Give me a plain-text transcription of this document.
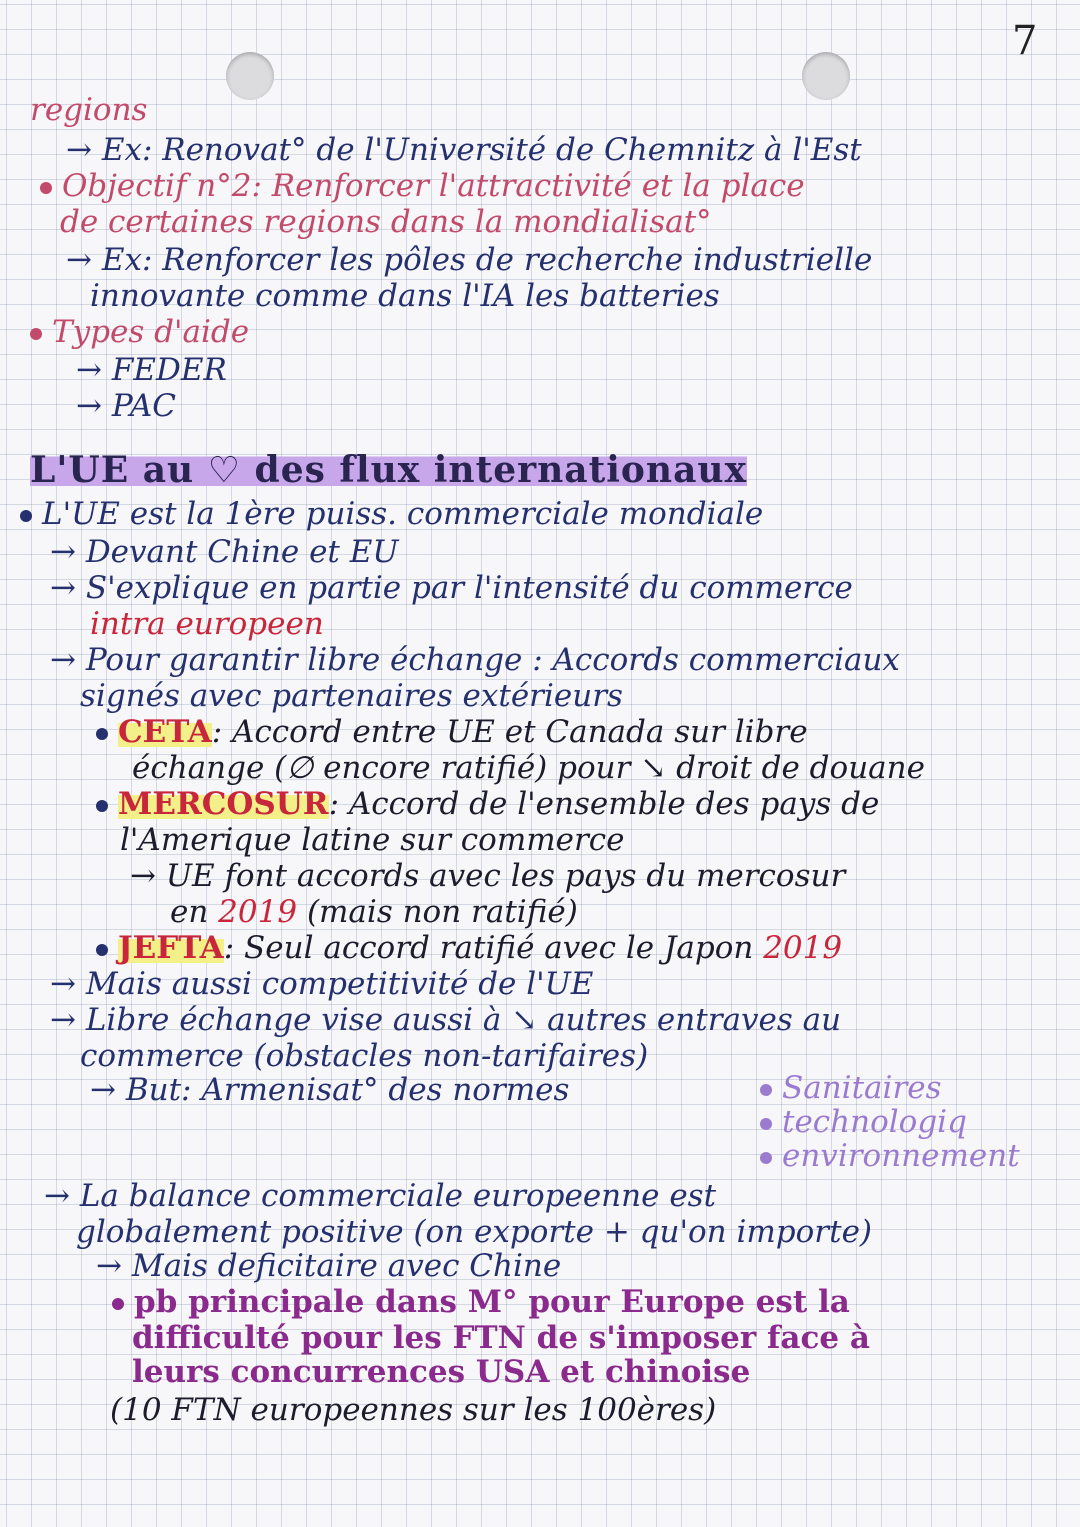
7
regions
→ Ex: Renovat° de l'Université de Chemnitz à l'Est
Objectif n°2: Renforcer l'attractivité et la place
de certaines regions dans la mondialisat°
→ Ex: Renforcer les pôles de recherche industrielle
innovante comme dans l'IA les batteries
Types d'aide
→ FEDER
→ PAC
L'UE au ♡ des flux internationaux
L'UE est la 1ère puiss. commerciale mondiale
→ Devant Chine et EU
→ S'explique en partie par l'intensité du commerce
intra europeen
→ Pour garantir libre échange : Accords commerciaux
signés avec partenaires extérieurs
CETA: Accord entre UE et Canada sur libre
échange (∅ encore ratifié) pour ↘ droit de douane
MERCOSUR: Accord de l'ensemble des pays de
l'Amerique latine sur commerce
→ UE font accords avec les pays du mercosur
en 2019 (mais non ratifié)
JEFTA: Seul accord ratifié avec le Japon 2019
→ Mais aussi competitivité de l'UE
→ Libre échange vise aussi à ↘ autres entraves au
commerce (obstacles non-tarifaires)
→ But: Armenisat° des normes	Sanitaires
technologiq
environnement
→ La balance commerciale europeenne est
globalement positive (on exporte + qu'on importe)
→ Mais deficitaire avec Chine
pb principale dans M° pour Europe est la
difficulté pour les FTN de s'imposer face à
leurs concurrences USA et chinoise
(10 FTN europeennes sur les 100ères)
